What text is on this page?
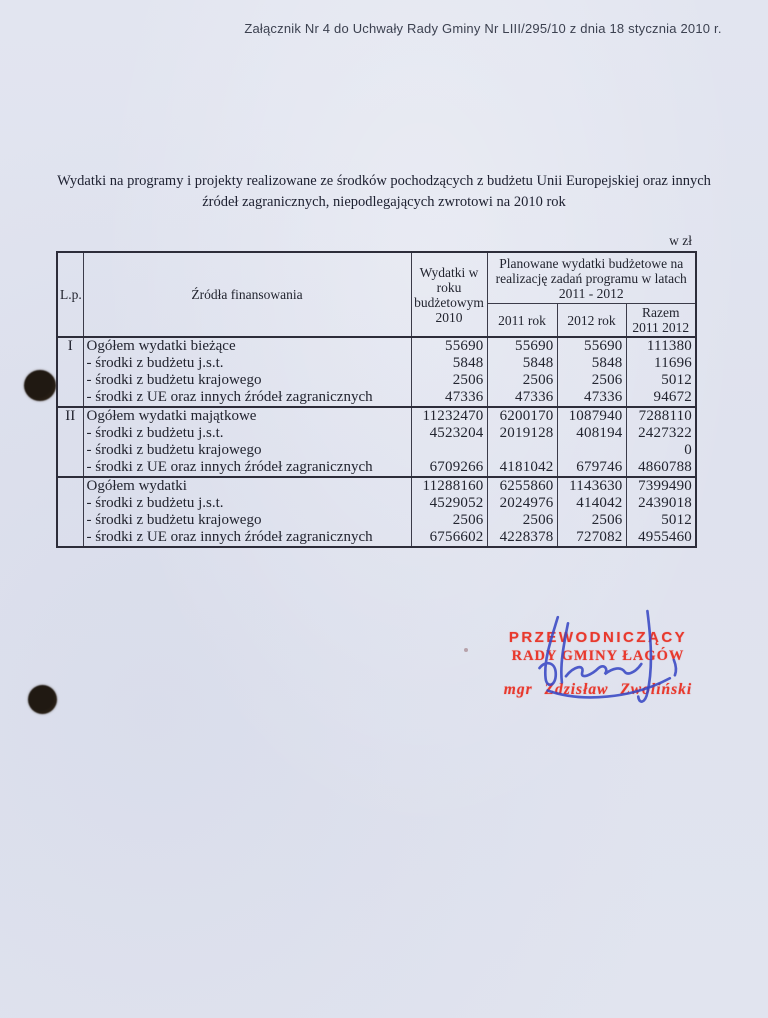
Załącznik Nr 4 do Uchwały Rady Gminy Nr LIII/295/10 z dnia 18 stycznia 2010 r.
Wydatki na programy i projekty realizowane ze środków pochodzących z budżetu Unii Europejskiej oraz innych
źródeł zagranicznych, niepodlegających zwrotowi na 2010 rok
w zł
L.p.	Źródła finansowania	Wydatki w roku budżetowym 2010	Planowane wydatki budżetowe na realizację zadań programu w latach 2011 - 2012		
			2011 rok	2012 rok	Razem 2011 2012
I	Ogółem wydatki bieżące	55690	55690	55690	111380
	- środki z budżetu j.s.t.	5848	5848	5848	11696
	- środki z budżetu krajowego	2506	2506	2506	5012
	- środki z UE oraz innych źródeł zagranicznych	47336	47336	47336	94672
II	Ogółem wydatki majątkowe	11232470	6200170	1087940	7288110
	- środki z budżetu j.s.t.	4523204	2019128	408194	2427322
	- środki z budżetu krajowego				0
	- środki z UE oraz innych źródeł zagranicznych	6709266	4181042	679746	4860788
	Ogółem wydatki	11288160	6255860	1143630	7399490
	- środki z budżetu j.s.t.	4529052	2024976	414042	2439018
	- środki z budżetu krajowego	2506	2506	2506	5012
	- środki z UE oraz innych źródeł zagranicznych	6756602	4228378	727082	4955460
PRZEWODNICZĄCY
RADY GMINY ŁAGÓW
mgr Zdzisław Zwoliński
